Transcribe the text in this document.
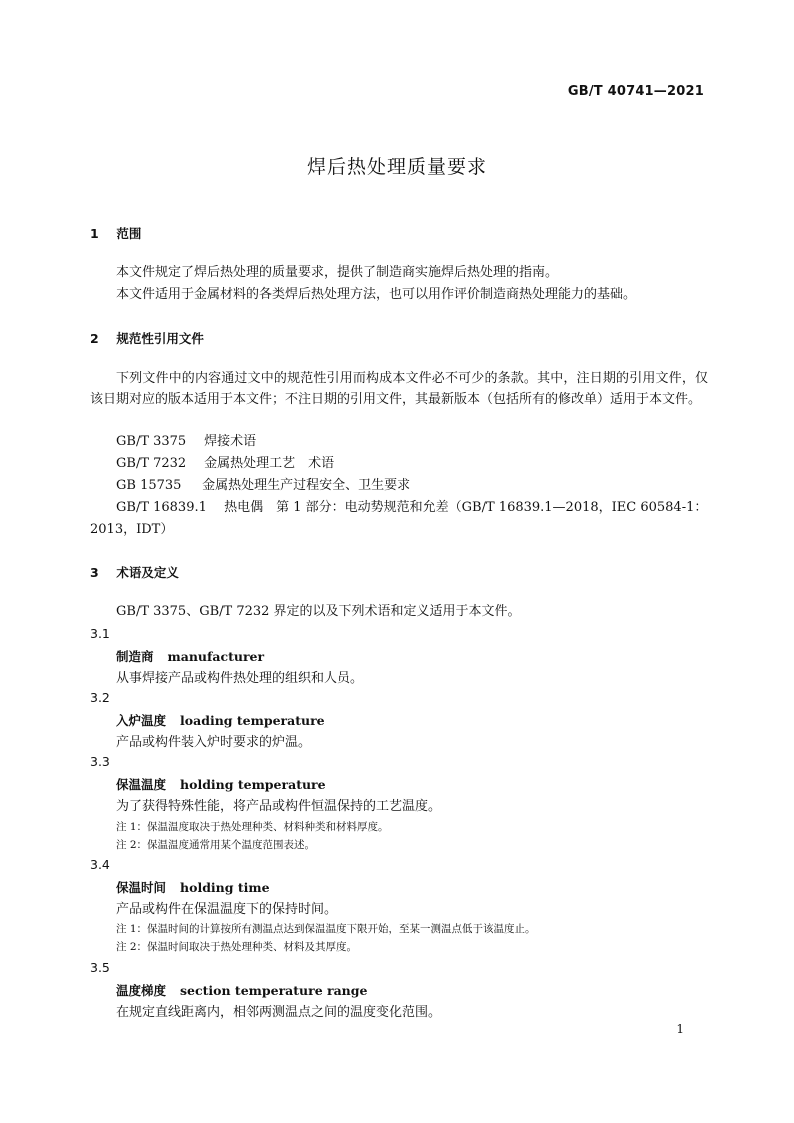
GB/T 40741—2021
焊后热处理质量要求
1 范围
本文件规定了焊后热处理的质量要求，提供了制造商实施焊后热处理的指南。
本文件适用于金属材料的各类焊后热处理方法，也可以用作评价制造商热处理能力的基础。
2 规范性引用文件
下列文件中的内容通过文中的规范性引用而构成本文件必不可少的条款。其中，注日期的引用文件，仅该日期对应的版本适用于本文件；不注日期的引用文件，其最新版本（包括所有的修改单）适用于本文件。
GB/T 3375 焊接术语
GB/T 7232 金属热处理工艺　术语
GB 15735 金属热处理生产过程安全、卫生要求
GB/T 16839.1 热电偶　第 1 部分：电动势规范和允差（GB/T 16839.1—2018，IEC 60584-1：
2013，IDT）
3 术语及定义
GB/T 3375、GB/T 7232 界定的以及下列术语和定义适用于本文件。
3.1
制造商 manufacturer
从事焊接产品或构件热处理的组织和人员。
3.2
入炉温度 loading temperature
产品或构件装入炉时要求的炉温。
3.3
保温温度 holding temperature
为了获得特殊性能，将产品或构件恒温保持的工艺温度。
注 1：保温温度取决于热处理种类、材料种类和材料厚度。
注 2：保温温度通常用某个温度范围表述。
3.4
保温时间 holding time
产品或构件在保温温度下的保持时间。
注 1：保温时间的计算按所有测温点达到保温温度下限开始，至某一测温点低于该温度止。
注 2：保温时间取决于热处理种类、材料及其厚度。
3.5
温度梯度 section temperature range
在规定直线距离内，相邻两测温点之间的温度变化范围。
1
